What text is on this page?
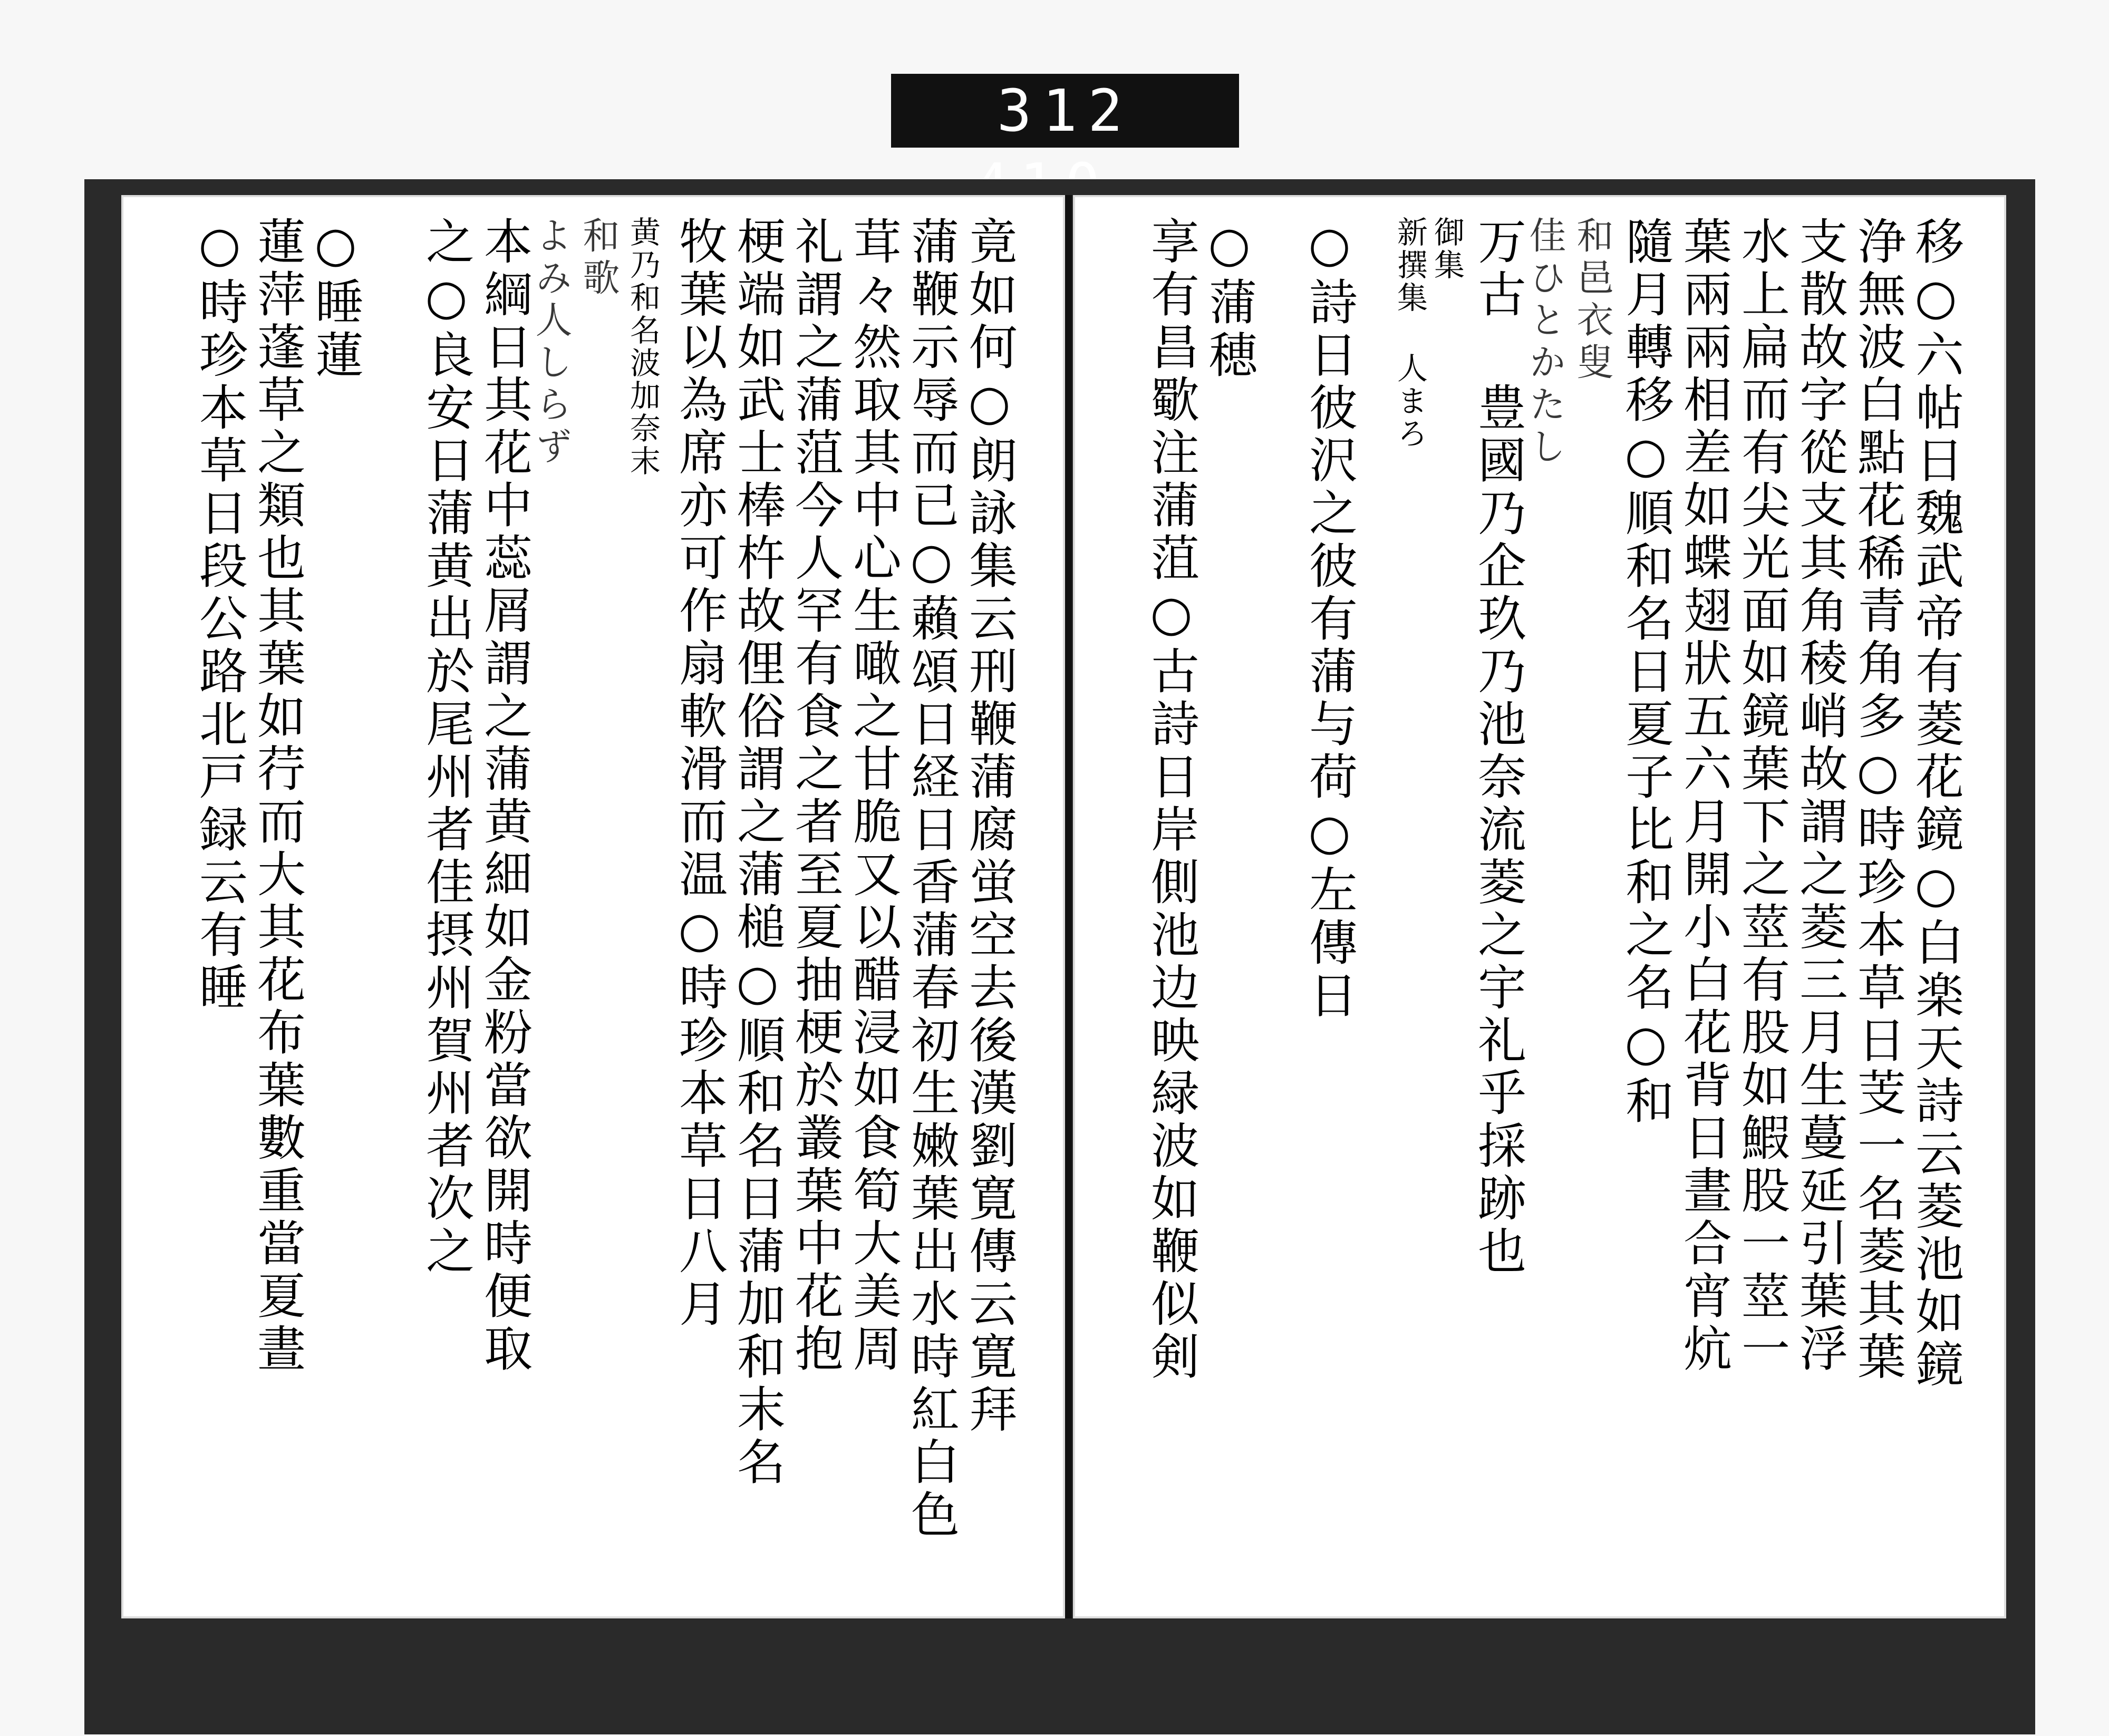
312
竟如何○朗詠集云刑鞭蒲腐蛍空去後漢劉寛傳云寛拜
蒲鞭示辱而已○藾頌日経日香蒲春初生嫩葉出水時紅白色
茸々然取其中心生噉之甘脆又以醋浸如食筍大美周
礼謂之蒲菹今人罕有食之者至夏抽梗於叢葉中花抱
梗端如武士棒杵故俚俗謂之蒲槌○順和名日蒲加和末名
牧葉以為席亦可作扇軟滑而温○時珍本草日八月
黄乃和名波加奈末
和歌
よみ人しらず
本綱日其花中蕊屑謂之蒲黄細如金粉當欲開時便取
之○良安日蒲黄出於尾州者佳摂州賀州者次之
○睡蓮
蓮萍蓬草之類也其葉如荇而大其花布葉數重當夏晝
○時珍本草日段公路北戸録云有睡	移○六帖日魏武帝有菱花鏡○白楽天詩云菱池如鏡
浄無波白點花稀青角多○時珍本草日芰一名菱其葉
支散故字從支其角稜峭故謂之菱三月生蔓延引葉浮
水上扁而有尖光面如鏡葉下之莖有股如鰕股一莖一
葉兩兩相差如蝶翅狀五六月開小白花背日晝合宵炕
隨月轉移○順和名日夏子比和之名○和
和邑衣叟
佳ひとかたし
万古 豊國乃企玖乃池奈流菱之宇礼乎採跡也
御集
新撰集 人まろ
○蒲穂
享有昌歜注蒲菹○古詩日岸側池边映緑波如鞭似剣 ○詩日彼沢之彼有蒲与荷○左傳日
